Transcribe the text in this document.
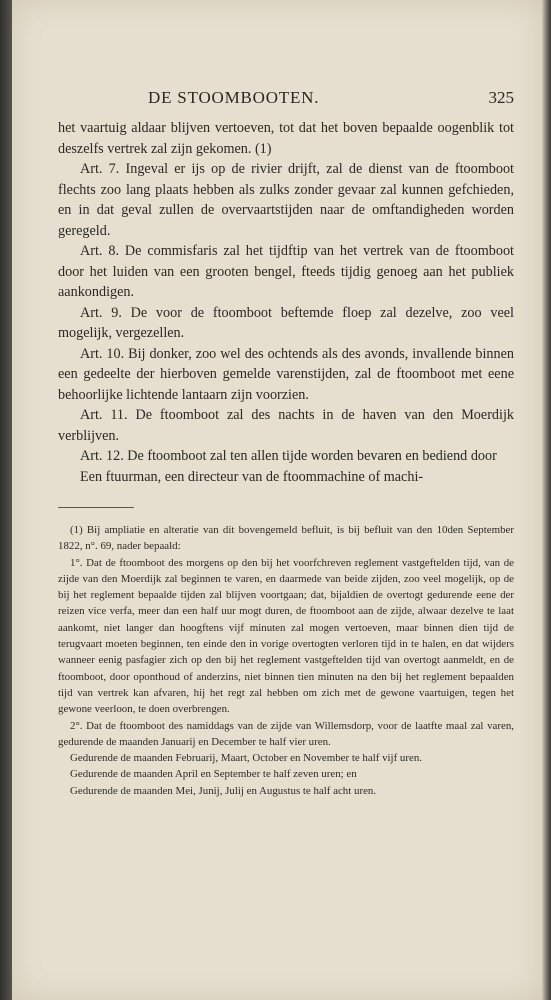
DE STOOMBOOTEN.	325

het vaartuig aldaar blijven vertoeven, tot dat het boven bepaalde oogenblik tot deszelfs vertrek zal zijn gekomen. (1)

Art. 7. Ingeval er ijs op de rivier drijft, zal de dienst van de ftoomboot flechts zoo lang plaats hebben als zulks zonder gevaar zal kunnen gefchieden, en in dat geval zullen de overvaartstijden naar de omftandigheden worden geregeld.

Art. 8. De commisfaris zal het tijdftip van het vertrek van de ftoomboot door het luiden van een grooten bengel, fteeds tijdig genoeg aan het publiek aankondigen.

Art. 9. De voor de ftoomboot beftemde floep zal dezelve, zoo veel mogelijk, vergezellen.

Art. 10. Bij donker, zoo wel des ochtends als des avonds, invallende binnen een gedeelte der hierboven gemelde varenstijden, zal de ftoomboot met eene behoorlijke lichtende lantaarn zijn voorzien.

Art. 11. De ftoomboot zal des nachts in de haven van den Moerdijk verblijven.

Art. 12. De ftoomboot zal ten allen tijde worden bevaren en bediend door

Een ftuurman, een directeur van de ftoommachine of machi-

(1) Bij ampliatie en alteratie van dit bovengemeld befluit, is bij befluit van den 10den September 1822, n°. 69, nader bepaald:

1°. Dat de ftoomboot des morgens op den bij het voorfchreven reglement vastgeftelden tijd, van de zijde van den Moerdijk zal beginnen te varen, en daarmede van beide zijden, zoo veel mogelijk, op de bij het reglement bepaalde tijden zal blijven voortgaan; dat, bijaldien de overtogt gedurende eene der reizen vice verfa, meer dan een half uur mogt duren, de ftoomboot aan de zijde, alwaar dezelve te laat aankomt, niet langer dan hoogftens vijf minuten zal mogen vertoeven, maar binnen dien tijd de terugvaart moeten beginnen, ten einde den in vorige overtogten verloren tijd in te halen, en dat wijders wanneer eenig pasfagier zich op den bij het reglement vastgeftelden tijd van overtogt aanmeldt, en de ftoomboot, door oponthoud of anderzins, niet binnen tien minuten na den bij het reglement bepaalden tijd van vertrek kan afvaren, hij het regt zal hebben om zich met de gewone vaartuigen, tegen het gewone veerloon, te doen overbrengen.

2°. Dat de ftoomboot des namiddags van de zijde van Willemsdorp, voor de laatfte maal zal varen, gedurende de maanden Januarij en December te half vier uren.

Gedurende de maanden Februarij, Maart, October en November te half vijf uren.

Gedurende de maanden April en September te half zeven uren; en

Gedurende de maanden Mei, Junij, Julij en Augustus te half acht uren.
